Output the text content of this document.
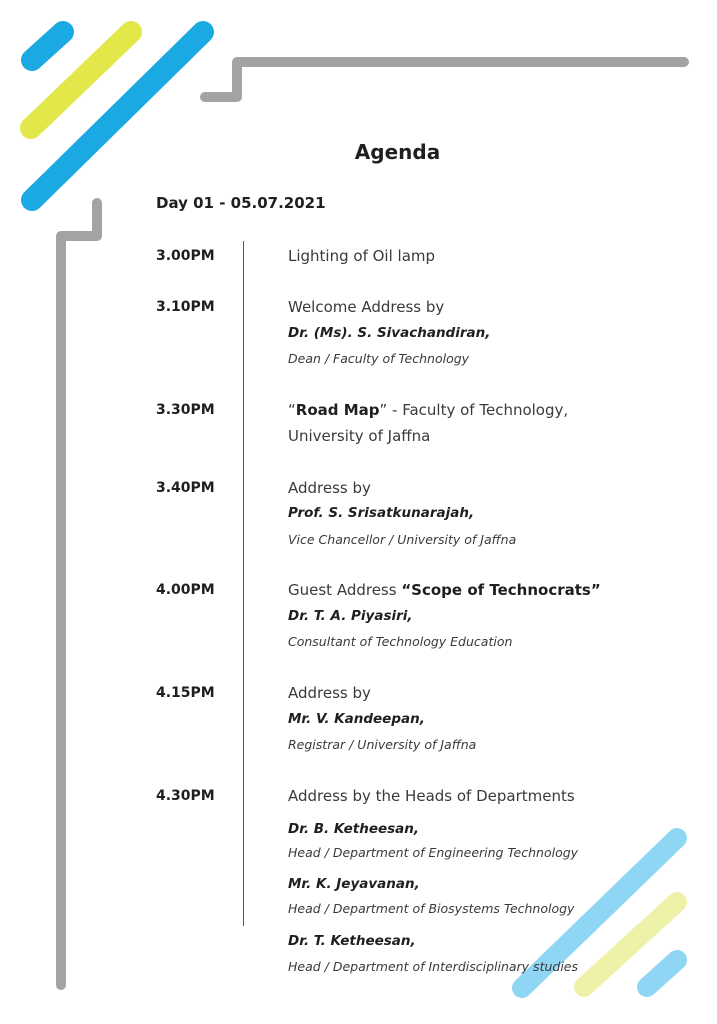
Agenda
Day 01 - 05.07.2021
3.00PM	Lighting of Oil lamp
3.10PM	Welcome Address by
Dr. (Ms). S. Sivachandiran,
Dean / Faculty of Technology
3.30PM	“Road Map” - Faculty of Technology,
University of Jaffna
3.40PM	Address by
Prof. S. Srisatkunarajah,
Vice Chancellor / University of Jaffna
4.00PM	Guest Address “Scope of Technocrats”
Dr. T. A. Piyasiri,
Consultant of Technology Education
4.15PM	Address by
Mr. V. Kandeepan,
Registrar / University of Jaffna
4.30PM	Address by the Heads of Departments
Dr. B. Ketheesan,
Head / Department of Engineering Technology
Mr. K. Jeyavanan,
Head / Department of Biosystems Technology
Dr. T. Ketheesan,
Head / Department of Interdisciplinary studies
